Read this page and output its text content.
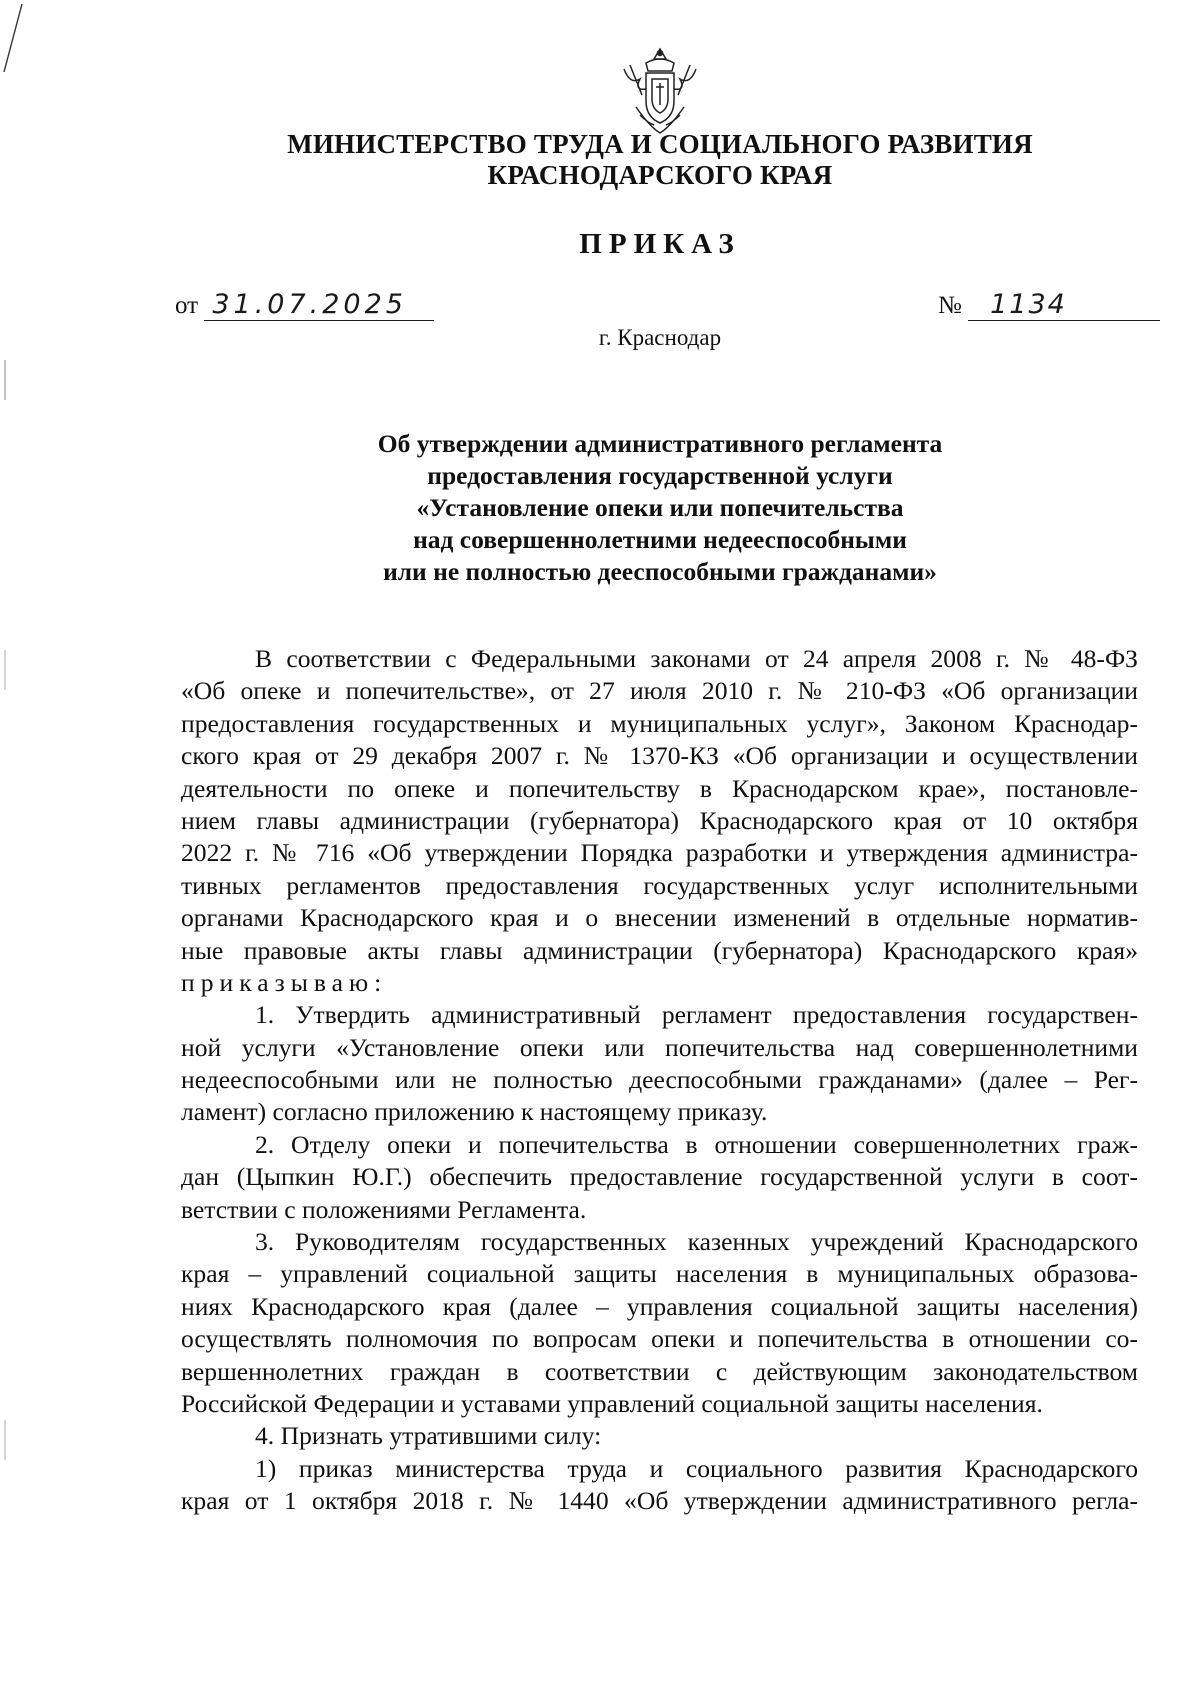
МИНИСТЕРСТВО ТРУДА И СОЦИАЛЬНОГО РАЗВИТИЯ
КРАСНОДАРСКОГО КРАЯ
ПРИКАЗ
от 31.07.2025	№ 1134
г. Краснодар
Об утверждении административного регламента
предоставления государственной услуги
«Установление опеки или попечительства
над совершеннолетними недееспособными
или не полностью дееспособными гражданами»
В соответствии с Федеральными законами от 24 апреля 2008 г. № 48-ФЗ
«Об опеке и попечительстве», от 27 июля 2010 г. № 210-ФЗ «Об организации
предоставления государственных и муниципальных услуг», Законом Краснодар-
ского края от 29 декабря 2007 г. № 1370-КЗ «Об организации и осуществлении
деятельности по опеке и попечительству в Краснодарском крае», постановле-
нием главы администрации (губернатора) Краснодарского края от 10 октября
2022 г. № 716 «Об утверждении Порядка разработки и утверждения администра-
тивных регламентов предоставления государственных услуг исполнительными
органами Краснодарского края и о внесении изменений в отдельные норматив-
ные правовые акты главы администрации (губернатора) Краснодарского края»
приказываю:
1. Утвердить административный регламент предоставления государствен-
ной услуги «Установление опеки или попечительства над совершеннолетними
недееспособными или не полностью дееспособными гражданами» (далее – Рег-
ламент) согласно приложению к настоящему приказу.
2. Отделу опеки и попечительства в отношении совершеннолетних граж-
дан (Цыпкин Ю.Г.) обеспечить предоставление государственной услуги в соот-
ветствии с положениями Регламента.
3. Руководителям государственных казенных учреждений Краснодарского
края – управлений социальной защиты населения в муниципальных образова-
ниях Краснодарского края (далее – управления социальной защиты населения)
осуществлять полномочия по вопросам опеки и попечительства в отношении со-
вершеннолетних граждан в соответствии с действующим законодательством
Российской Федерации и уставами управлений социальной защиты населения.
4. Признать утратившими силу:
1) приказ министерства труда и социального развития Краснодарского
края от 1 октября 2018 г. № 1440 «Об утверждении административного регла-
